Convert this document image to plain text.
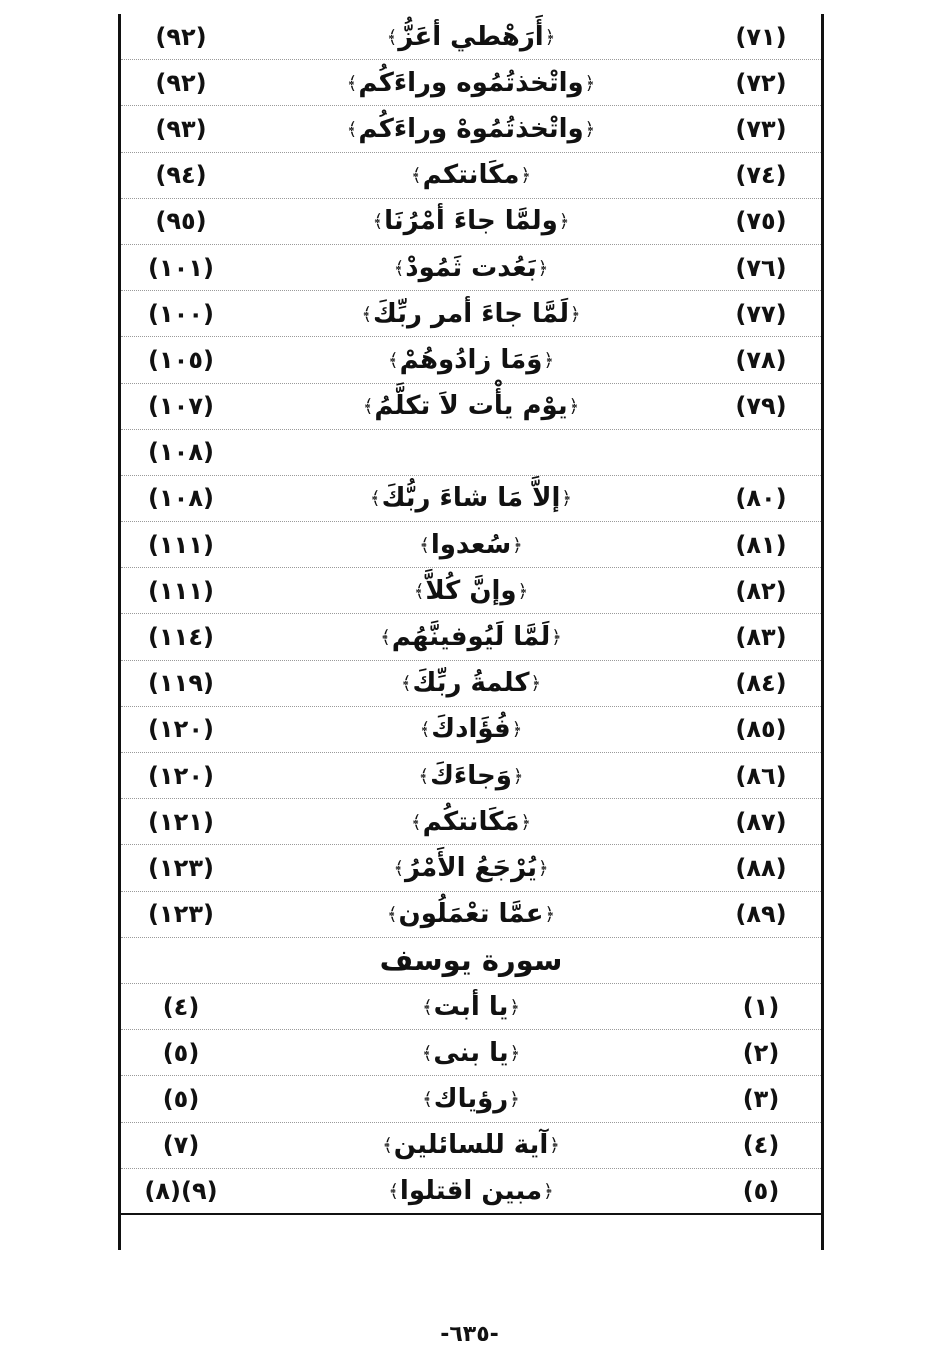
(٩٢)	﴿أَرَهْطي أعَزُّ﴾	(٧١)
(٩٢)	﴿واتْخذتُمُوه وراءَكُم﴾	(٧٢)
(٩٣)	﴿واتْخذتُمُوهْ وراءَكُم﴾	(٧٣)
(٩٤)	﴿مكَانتكم﴾	(٧٤)
(٩٥)	﴿ولمَّا جاءَ أمْرُنَا﴾	(٧٥)
(١٠١)	﴿بَعُدت ثَمُودْ﴾	(٧٦)
(١٠٠)	﴿لَمَّا جاءَ أمر ربِّكَ﴾	(٧٧)
(١٠٥)	﴿وَمَا زادُوهُمْ﴾	(٧٨)
(١٠٧)	﴿يوْم يأْت لاَ تكلَّمُ﴾	(٧٩)
(١٠٨)
(١٠٨)	﴿إلاَّ مَا شاءَ ربُّكَ﴾	(٨٠)
(١١١)	﴿سُعدوا﴾	(٨١)
(١١١)	﴿وإنَّ كُلاَّ﴾	(٨٢)
(١١٤)	﴿لَمَّا لَيُوفينَّهُم﴾	(٨٣)
(١١٩)	﴿كلمةُ ربِّكَ﴾	(٨٤)
(١٢٠)	﴿فُؤَادكَ﴾	(٨٥)
(١٢٠)	﴿وَجاءَكَ﴾	(٨٦)
(١٢١)	﴿مَكَانتكُم﴾	(٨٧)
(١٢٣)	﴿يُرْجَعُ الأَمْرُ﴾	(٨٨)
(١٢٣)	﴿عمَّا تعْمَلُون﴾	(٨٩)
سورة يوسف
(٤)	﴿يا أبت﴾	(١)
(٥)	﴿يا بنى﴾	(٢)
(٥)	﴿رؤياك﴾	(٣)
(٧)	﴿آية للسائلين﴾	(٤)
(٨)(٩)	﴿مبين اقتلوا﴾	(٥)
-٦٣٥-
